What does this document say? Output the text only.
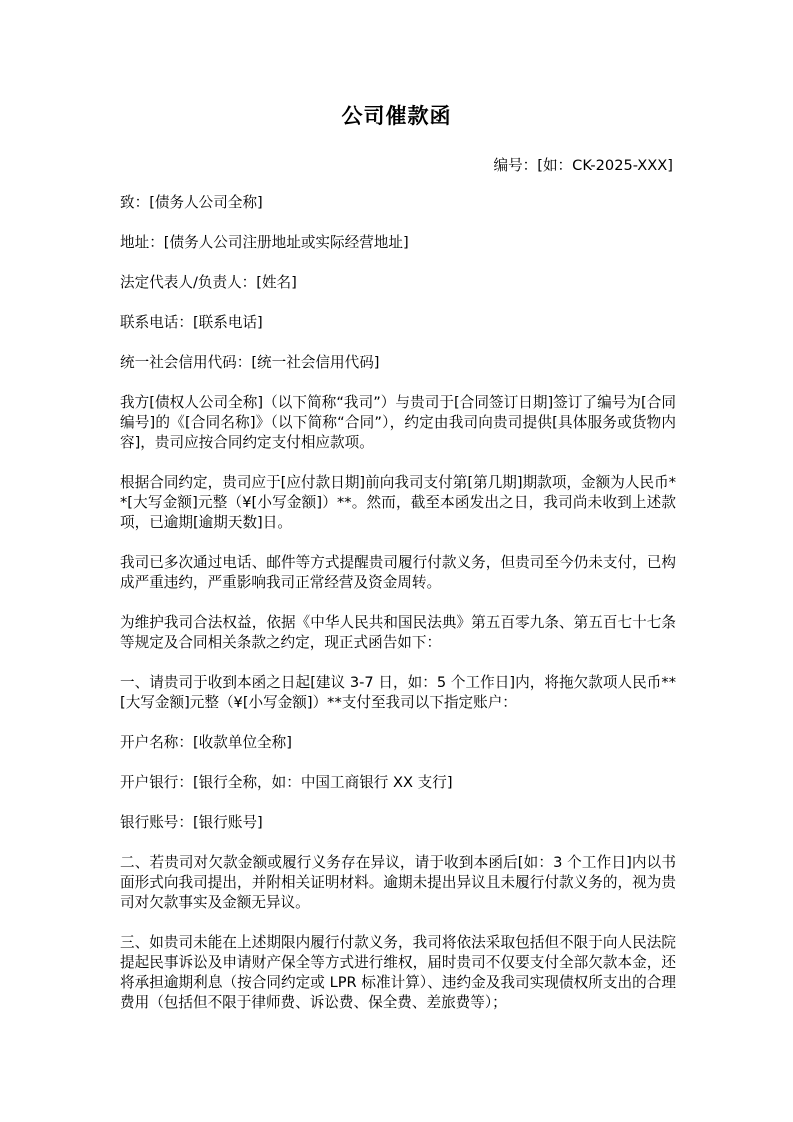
公司催款函
编号：[如：CK-2025-XXX]

致：[债务人公司全称]

地址：[债务人公司注册地址或实际经营地址]

法定代表人/负责人：[姓名]

联系电话：[联系电话]

统一社会信用代码：[统一社会信用代码]

我方[债权人公司全称]（以下简称“我司”）与贵司于[合同签订日期]签订了编号为[合同编号]的《[合同名称]》（以下简称“合同”），约定由我司向贵司提供[具体服务或货物内容]，贵司应按合同约定支付相应款项。

根据合同约定，贵司应于[应付款日期]前向我司支付第[第几期]期款项，金额为人民币**[大写金额]元整（¥[小写金额]）**。然而，截至本函发出之日，我司尚未收到上述款项，已逾期[逾期天数]日。

我司已多次通过电话、邮件等方式提醒贵司履行付款义务，但贵司至今仍未支付，已构成严重违约，严重影响我司正常经营及资金周转。

为维护我司合法权益，依据《中华人民共和国民法典》第五百零九条、第五百七十七条等规定及合同相关条款之约定，现正式函告如下：

一、请贵司于收到本函之日起[建议 3-7 日，如：5 个工作日]内，将拖欠款项人民币**[大写金额]元整（¥[小写金额]）**支付至我司以下指定账户：

开户名称：[收款单位全称]

开户银行：[银行全称，如：中国工商银行 XX 支行]

银行账号：[银行账号]

二、若贵司对欠款金额或履行义务存在异议，请于收到本函后[如：3 个工作日]内以书面形式向我司提出，并附相关证明材料。逾期未提出异议且未履行付款义务的，视为贵司对欠款事实及金额无异议。

三、如贵司未能在上述期限内履行付款义务，我司将依法采取包括但不限于向人民法院提起民事诉讼及申请财产保全等方式进行维权，届时贵司不仅要支付全部欠款本金，还将承担逾期利息（按合同约定或 LPR 标准计算）、违约金及我司实现债权所支出的合理费用（包括但不限于律师费、诉讼费、保全费、差旅费等）；
